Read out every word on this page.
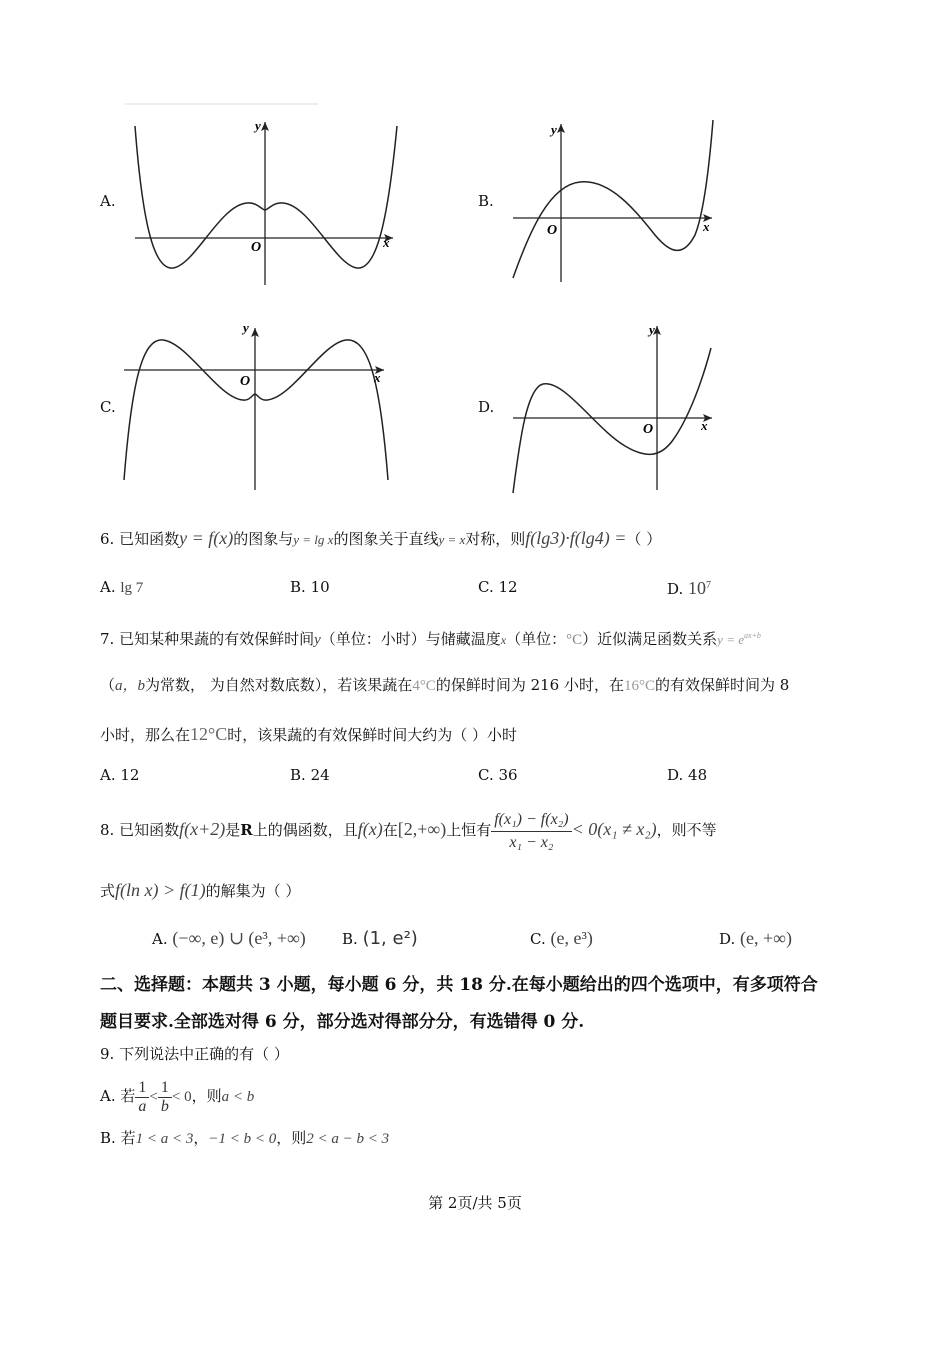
A.	B.
C.	D.
x
y
O
x
y
O
x
y
O
x
y
O
6. 已知函数y = f(x)的图象与y = lg x的图象关于直线y = x对称，则f(lg3)·f(lg4) =（ ）
A. lg 7	B. 10	C. 12	D. $10^7$
7. 已知某种果蔬的有效保鲜时间y（单位：小时）与储藏温度x（单位：°C）近似满足函数关系$y = e^{ax+b}$
（a，b为常数， 为自然对数底数），若该果蔬在4°C的保鲜时间为 216 小时，在16°C的有效保鲜时间为 8
小时，那么在12°C时，该果蔬的有效保鲜时间大约为（ ）小时
A. 12	B. 24	C. 36	D. 48
8. 已知函数f(x+2)是R上的偶函数，且f(x)在[2,+∞)上恒有 $\frac{\text{f(x₁) − f(x₂)}}{\text{x₁ − x₂}} < 0(x_1 \ne x_2)$，则不等
式f(ln x) > f(1)的解集为（ ）
A. (−∞, e) ∪ (e³, +∞) B. (1, e²)	C. (e, e³)	D. (e, +∞)
二、选择题：本题共 3 小题，每小题 6 分，共 18 分.在每小题给出的四个选项中，有多项符合
题目要求.全部选对得 6 分，部分选对得部分分，有选错得 0 分.
9. 下列说法中正确的有（ ）
A. 若 $\frac{1}{a} < \frac{1}{b} < 0$，则a < b
B. 若1 < a < 3，−1 < b < 0，则2 < a − b < 3
第 2页/共 5页
